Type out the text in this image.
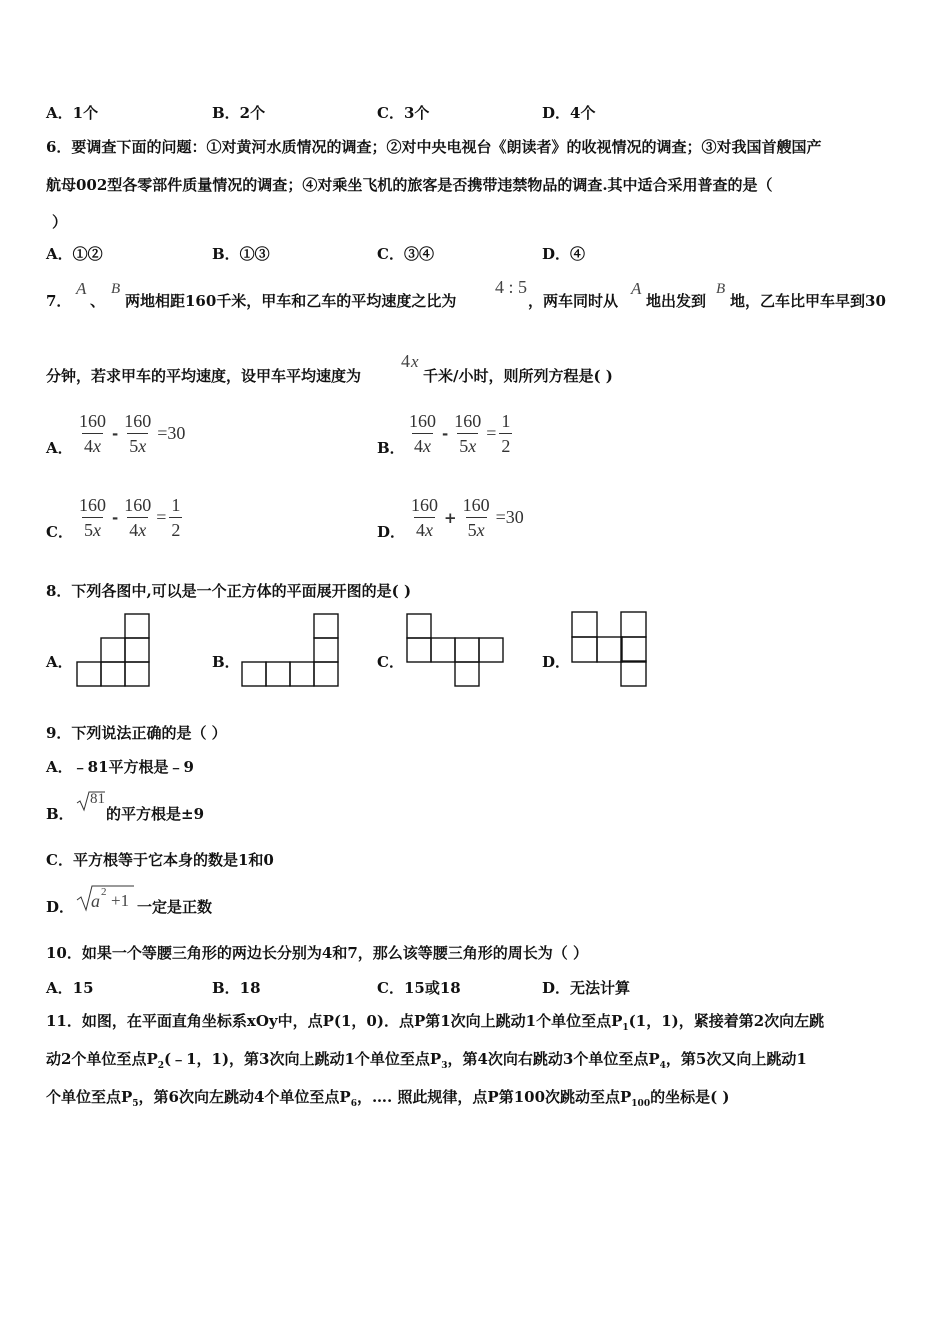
A．1个	B．2个	C．3个	D．4个
6．要调查下面的问题：①对黄河水质情况的调查；②对中央电视台《朗读者》的收视情况的调查；③对我国首艘国产
航母002型各零部件质量情况的调查；④对乘坐飞机的旅客是否携带违禁物品的调查.其中适合采用普查的是（
）
A．①②	B．①③	C．③④	D．④
7．
A
、
B
两地相距160千米，甲车和乙车的平均速度之比为
4 : 5
，两车同时从
A
地出发到
B
地，乙车比甲车早到30
分钟，若求甲车的平均速度，设甲车平均速度为
4 x
千米/小时，则所列方程是( )
A．
160
4x
- $\frac{160}{5x} =30$
B．
160
4x
- $\frac{160}{5x} = \frac{1}{2}$
C．
160
5x
- $\frac{160}{4x} = \frac{1}{2}$	D．
160
4x
+ $\frac{160}{5x} =30$
8．下列各图中,可以是一个正方体的平面展开图的是( )
A．	B．	C．	D．
9．下列说法正确的是（ ）
A．﹣81平方根是﹣9
B．
81
的平方根是±9
C．平方根等于它本身的数是1和0
D． a 2 +1 一定是正数
10．如果一个等腰三角形的两边长分别为4和7，那么该等腰三角形的周长为（ ）
A．15	B．18	C．15或18	D．无法计算
11．如图，在平面直角坐标系xOy中，点P(1，0)．点P第1次向上跳动1个单位至点$P_1(1$，1)，紧接着第2次向左跳
动2个单位至点$P_2(﹣1$，1)，第3次向上跳动1个单位至点$P_3$，第4次向右跳动3个单位至点$P_4$，第5次又向上跳动1
个单位至点$P_5$，第6次向左跳动4个单位至点$P_6$，…. 照此规律，点P第100次跳动至点$P_{100}$的坐标是( )
